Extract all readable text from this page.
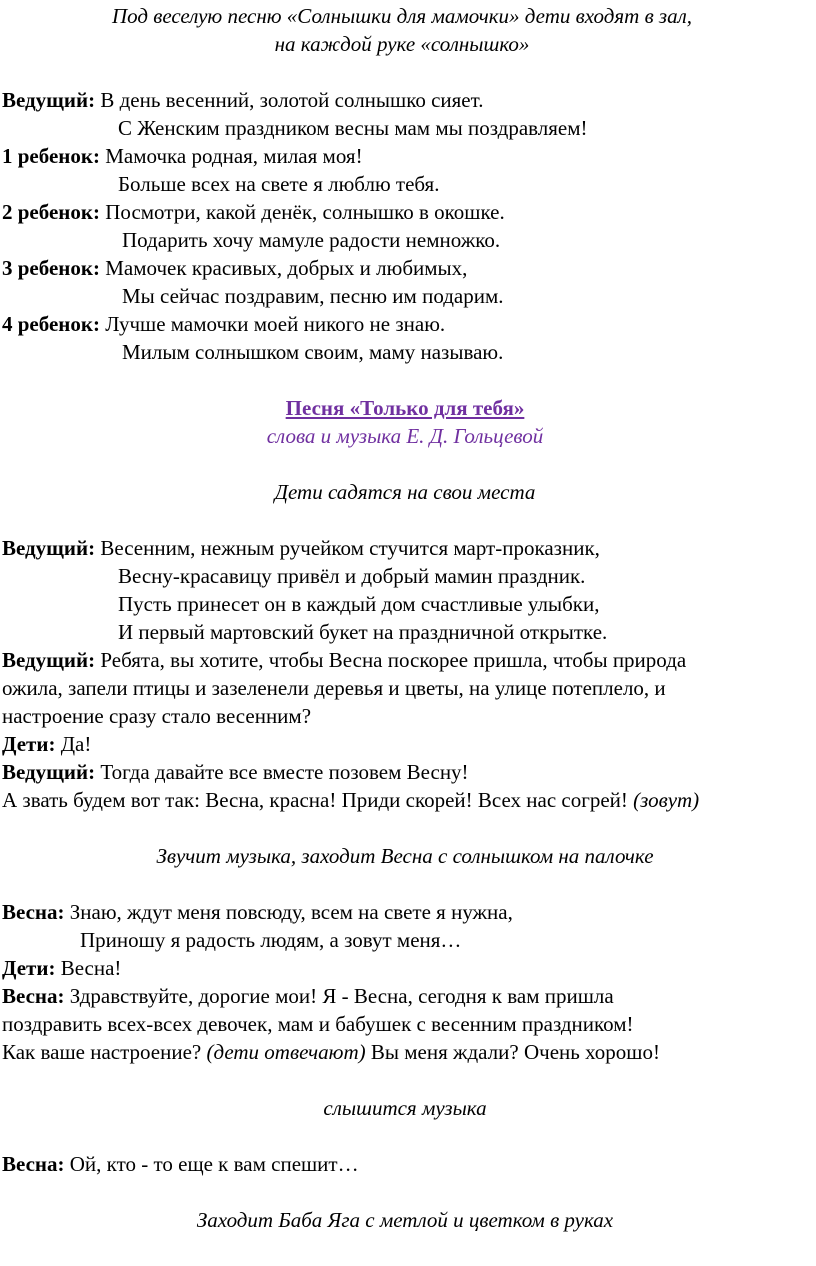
Под веселую песню «Солнышки для мамочки» дети входят в зал,
на каждой руке «солнышко»
Ведущий: В день весенний, золотой солнышко сияет.
С Женским праздником весны мам мы поздравляем!
1 ребенок: Мамочка родная, милая моя!
Больше всех на свете я люблю тебя.
2 ребенок: Посмотри, какой денёк, солнышко в окошке.
Подарить хочу мамуле радости немножко.
3 ребенок: Мамочек красивых, добрых и любимых,
Мы сейчас поздравим, песню им подарим.
4 ребенок: Лучше мамочки моей никого не знаю.
Милым солнышком своим, маму называю.
Песня «Только для тебя»
слова и музыка Е. Д. Гольцевой
Дети садятся на свои места
Ведущий: Весенним, нежным ручейком стучится март-проказник,
Весну-красавицу привёл и добрый мамин праздник.
Пусть принесет он в каждый дом счастливые улыбки,
И первый мартовский букет на праздничной открытке.
Ведущий: Ребята, вы хотите, чтобы Весна поскорее пришла, чтобы природа
ожила, запели птицы и зазеленели деревья и цветы, на улице потеплело, и
настроение сразу стало весенним?
Дети: Да!
Ведущий: Тогда давайте все вместе позовем Весну!
А звать будем вот так: Весна, красна! Приди скорей! Всех нас согрей! (зовут)
Звучит музыка, заходит Весна с солнышком на палочке
Весна: Знаю, ждут меня повсюду, всем на свете я нужна,
Приношу я радость людям, а зовут меня…
Дети: Весна!
Весна: Здравствуйте, дорогие мои! Я - Весна, сегодня к вам пришла
поздравить всех-всех девочек, мам и бабушек с весенним праздником!
Как ваше настроение? (дети отвечают) Вы меня ждали? Очень хорошо!
слышится музыка
Весна: Ой, кто - то еще к вам спешит…
Заходит Баба Яга с метлой и цветком в руках
